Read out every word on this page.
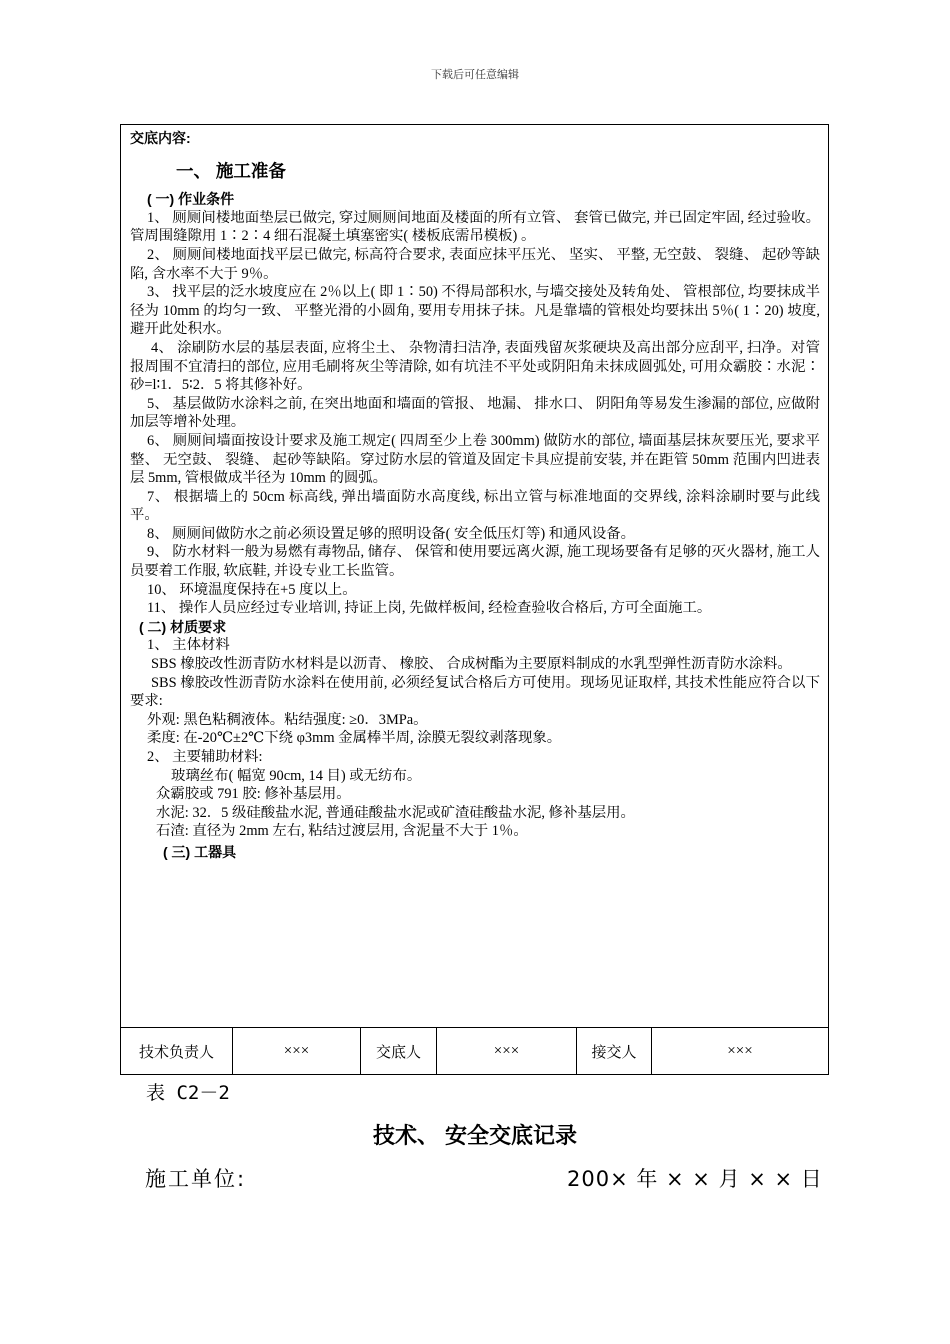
下载后可任意编辑

交底内容:

一、 施工准备

( 一) 作业条件

1、 厕厕间楼地面垫层已做完, 穿过厕厕间地面及楼面的所有立管、 套管已做完, 并已固定牢固, 经过验收。管周围缝隙用 1∶2∶4 细石混凝土填塞密实( 楼板底需吊模板) 。

2、 厕厕间楼地面找平层已做完, 标高符合要求, 表面应抹平压光、 坚实、 平整, 无空鼓、 裂缝、 起砂等缺陷, 含水率不大于 9％。

3、 找平层的泛水坡度应在 2％以上( 即 1∶50) 不得局部积水, 与墙交接处及转角处、 管根部位, 均要抹成半径为 10mm 的均匀一致、 平整光滑的小圆角, 要用专用抹子抹。凡是靠墙的管根处均要抹出 5％( 1∶20) 坡度, 避开此处积水。

4、 涂刷防水层的基层表面, 应将尘土、 杂物清扫洁净, 表面残留灰浆硬块及高出部分应刮平, 扫净。对管报周围不宜清扫的部位, 应用毛刷将灰尘等清除, 如有坑洼不平处或阴阳角未抹成圆弧处, 可用众霸胶∶水泥∶砂=l∶1．5∶2．5 将其修补好。

5、 基层做防水涂料之前, 在突出地面和墙面的管报、 地漏、 排水口、 阴阳角等易发生渗漏的部位, 应做附加层等增补处理。

6、 厕厕间墙面按设计要求及施工规定( 四周至少上卷 300mm) 做防水的部位, 墙面基层抹灰要压光, 要求平整、 无空鼓、 裂缝、 起砂等缺陷。穿过防水层的管道及固定卡具应提前安装, 并在距管 50mm 范围内凹进表层 5mm, 管根做成半径为 10mm 的圆弧。

7、 根据墙上的 50cm 标高线, 弹出墙面防水高度线, 标出立管与标准地面的交界线, 涂料涂刷时要与此线平。

8、 厕厕间做防水之前必须设置足够的照明设备( 安全低压灯等) 和通风设备。

9、 防水材料一般为易燃有毒物品, 储存、 保管和使用要远离火源, 施工现场要备有足够的灭火器材, 施工人员要着工作服, 软底鞋, 并设专业工长监管。

10、 环境温度保持在+5 度以上。

11、 操作人员应经过专业培训, 持证上岗, 先做样板间, 经检查验收合格后, 方可全面施工。

( 二) 材质要求

1、 主体材料

SBS 橡胶改性沥青防水材料是以沥青、 橡胶、 合成树酯为主要原料制成的水乳型弹性沥青防水涂料。

SBS 橡胶改性沥青防水涂料在使用前, 必须经复试合格后方可使用。现场见证取样, 其技术性能应符合以下要求:

外观: 黑色粘稠液体。粘结强度: ≥0．3MPa。

柔度: 在-20℃±2℃下绕 φ3mm 金属棒半周, 涂膜无裂纹剥落现象。

2、 主要辅助材料:

玻璃丝布( 幅宽 90cm, 14 目) 或无纺布。

众霸胶或 791 胶: 修补基层用。

水泥: 32．5 级硅酸盐水泥, 普通硅酸盐水泥或矿渣硅酸盐水泥, 修补基层用。

石渣: 直径为 2mm 左右, 粘结过渡层用, 含泥量不大于 1％。

( 三) 工器具

技术负责人	×××	交底人	×××	接交人	×××
表 C2－2
技术、 安全交底记录
施工单位:	200× 年 × × 月 × × 日
